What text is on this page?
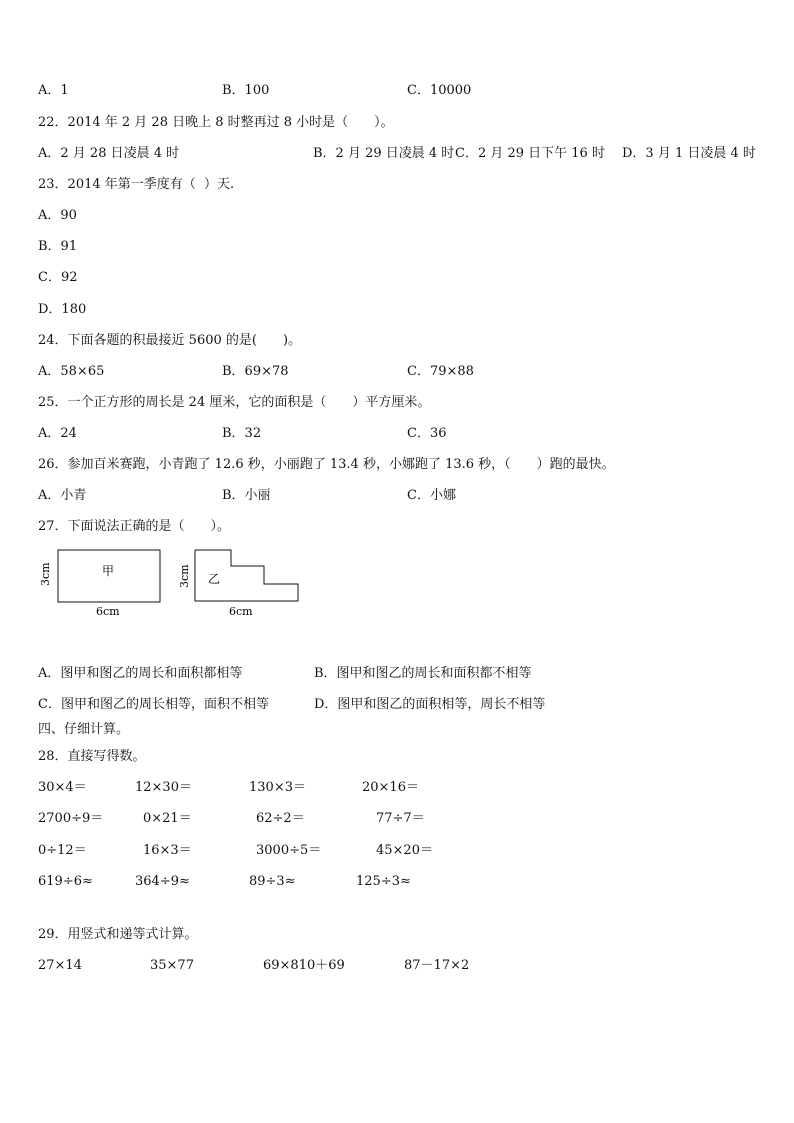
A．1	B．100	C．10000
22．2014 年 2 月 28 日晚上 8 时整再过 8 小时是（　　）。
A．2 月 28 日凌晨 4 时	B．2 月 29 日凌晨 4 时 C．2 月 29 日下午 16 时 D．3 月 1 日凌晨 4 时
23．2014 年第一季度有（  ）天.
A．90
B．91
C．92
D．180
24．下面各题的积最接近 5600 的是(　　)。
A．58×65	B．69×78	C．79×88
25．一个正方形的周长是 24 厘米，它的面积是（　　）平方厘米。
A．24	B．32	C．36
26．参加百米赛跑，小青跑了 12.6 秒，小丽跑了 13.4 秒，小娜跑了 13.6 秒，（　　）跑的最快。
A．小青	B．小丽	C．小娜
27．下面说法正确的是（　　）。
甲
3cm
6cm
乙
3cm
6cm
A．图甲和图乙的周长和面积都相等	B．图甲和图乙的周长和面积都不相等
C．图甲和图乙的周长相等，面积不相等	D．图甲和图乙的面积相等，周长不相等
四、仔细计算。
28．直接写得数。
30×4＝	12×30＝	130×3＝	20×16＝
2700÷9＝	0×21＝	62÷2＝	77÷7＝
0÷12＝	16×3＝	3000÷5＝	45×20＝
619÷6≈	364÷9≈	89÷3≈	125÷3≈
29．用竖式和递等式计算。
27×14	35×77	69×810＋69	87－17×2
